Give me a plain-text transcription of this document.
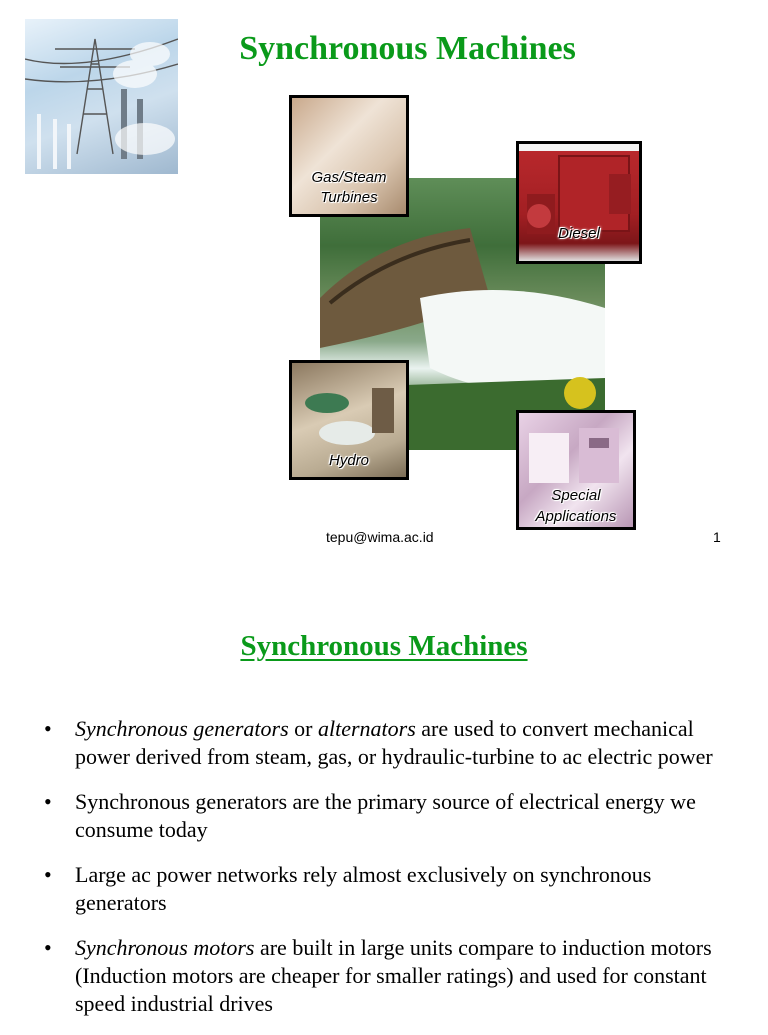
Synchronous Machines
Gas/Steam
Turbines
Diesel
Hydro
Special
Applications
tepu@wima.ac.id	1
Synchronous Machines
• Synchronous generators or alternators are used to convert mechanical power derived from steam, gas, or hydraulic-turbine to ac electric power
• Synchronous generators are the primary source of electrical energy we consume today
• Large ac power networks rely almost exclusively on synchronous generators
• Synchronous motors are built in large units compare to induction motors (Induction motors are cheaper for smaller ratings) and used for constant speed industrial drives
